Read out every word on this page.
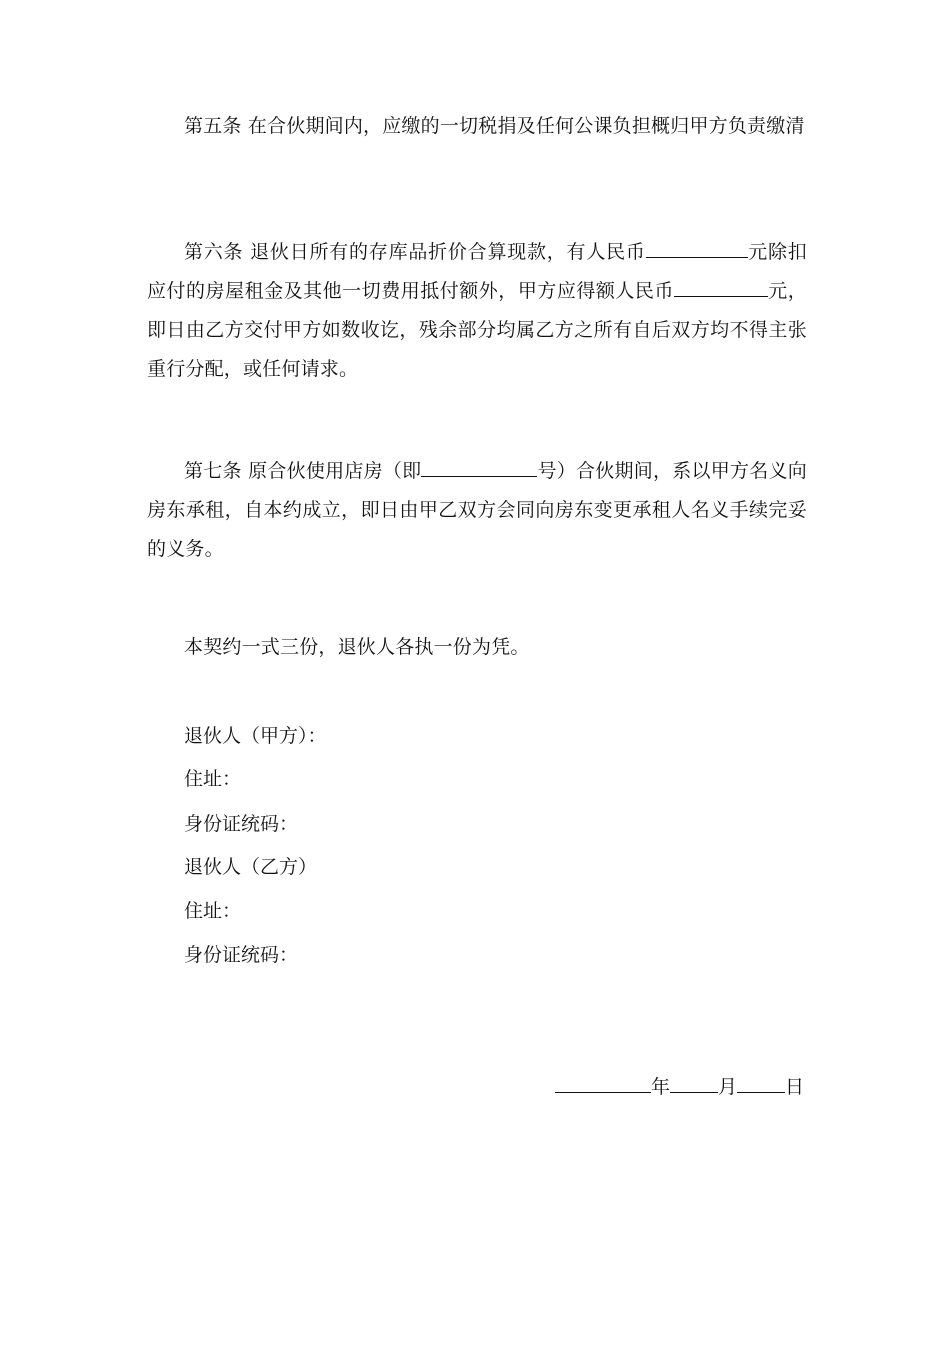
第五条 在合伙期间内，应缴的一切税捐及任何公课负担概归甲方负责缴清
第六条 退伙日所有的存库品折价合算现款，有人民币	元除扣应付的房屋租金及其他一切费用抵付额外，甲方应得额人民币	元，即日由乙方交付甲方如数收讫，残余部分均属乙方之所有自后双方均不得主张重行分配，或任何请求。
第七条 原合伙使用店房（即	号）合伙期间，系以甲方名义向房东承租，自本约成立，即日由甲乙双方会同向房东变更承租人名义手续完妥的义务。
本契约一式三份，退伙人各执一份为凭。
退伙人（甲方）：
住址：
身份证统码：
退伙人（乙方）
住址：
身份证统码：
年	月	日
